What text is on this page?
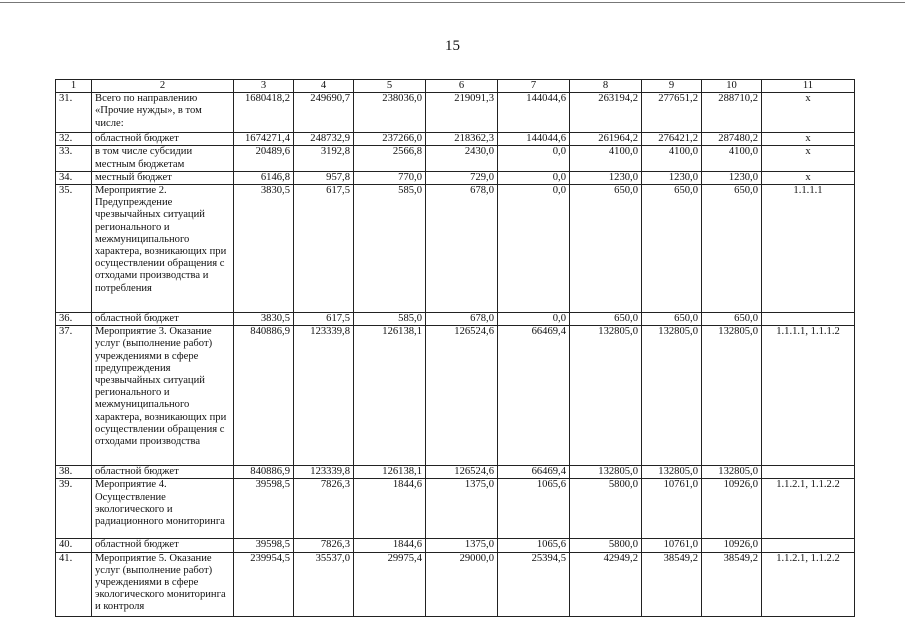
15
1	2	3	4	5	6	7	8	9	10	11
31.	Всего по направлению «Прочие нужды», в том числе:	1680418,2	249690,7	238036,0	219091,3	144044,6	263194,2	277651,2	288710,2	x
32.	областной бюджет	1674271,4	248732,9	237266,0	218362,3	144044,6	261964,2	276421,2	287480,2	x
33.	в том числе субсидии местным бюджетам	20489,6	3192,8	2566,8	2430,0	0,0	4100,0	4100,0	4100,0	x
34.	местный бюджет	6146,8	957,8	770,0	729,0	0,0	1230,0	1230,0	1230,0	x
35.	Мероприятие 2. Предупреждение чрезвычайных ситуаций регионального и межмуниципального характера, возникающих при осуществлении обращения с отходами производства и потребления	3830,5	617,5	585,0	678,0	0,0	650,0	650,0	650,0	1.1.1.1
36.	областной бюджет	3830,5	617,5	585,0	678,0	0,0	650,0	650,0	650,0	
37.	Мероприятие 3. Оказание услуг (выполнение работ) учреждениями в сфере предупреждения чрезвычайных ситуаций регионального и межмуниципального характера, возникающих при осуществлении обращения с отходами производства	840886,9	123339,8	126138,1	126524,6	66469,4	132805,0	132805,0	132805,0	1.1.1.1, 1.1.1.2
38.	областной бюджет	840886,9	123339,8	126138,1	126524,6	66469,4	132805,0	132805,0	132805,0	
39.	Мероприятие 4. Осуществление экологического и радиационного мониторинга	39598,5	7826,3	1844,6	1375,0	1065,6	5800,0	10761,0	10926,0	1.1.2.1, 1.1.2.2
40.	областной бюджет	39598,5	7826,3	1844,6	1375,0	1065,6	5800,0	10761,0	10926,0	
41.	Мероприятие 5. Оказание услуг (выполнение работ) учреждениями в сфере экологического мониторинга и контроля	239954,5	35537,0	29975,4	29000,0	25394,5	42949,2	38549,2	38549,2	1.1.2.1, 1.1.2.2
